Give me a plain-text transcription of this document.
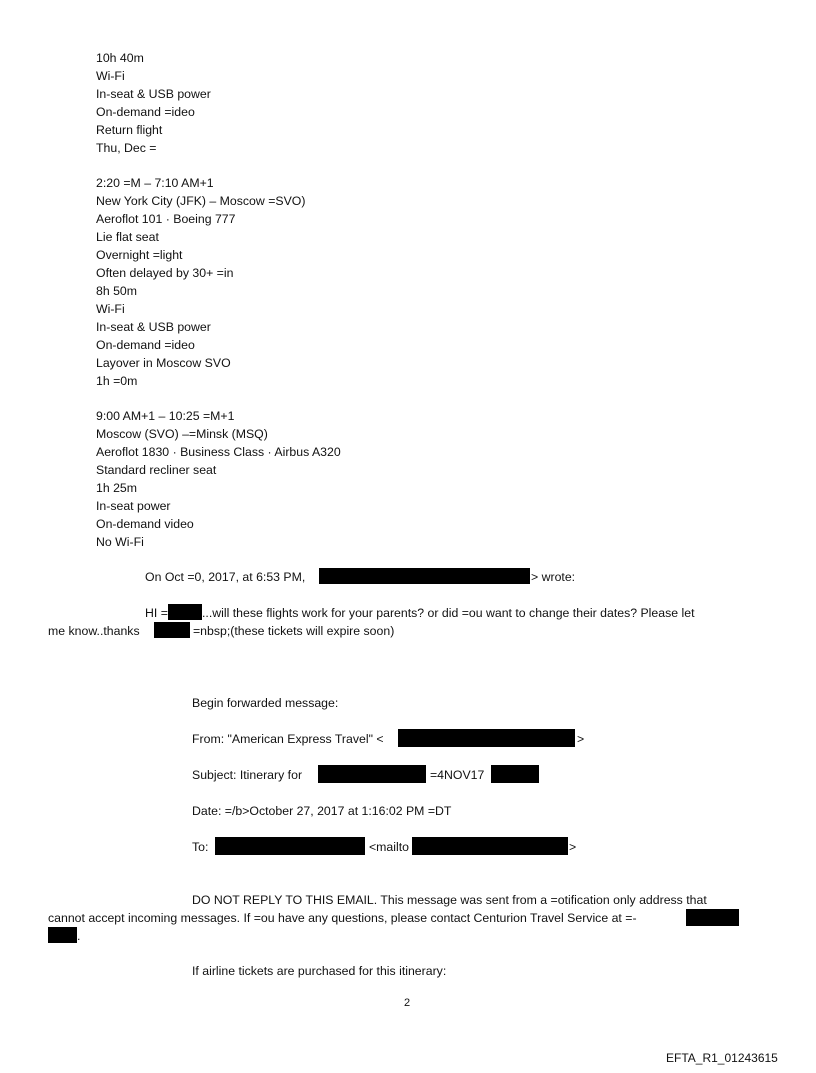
10h 40m
Wi-Fi
In-seat & USB power
On-demand =ideo
Return flight
Thu, Dec =
2:20 =M – 7:10 AM+1
New York City (JFK) – Moscow =SVO)
Aeroflot 101 · Boeing 777
Lie flat seat
Overnight =light
Often delayed by 30+ =in
8h 50m
Wi-Fi
In-seat & USB power
On-demand =ideo
Layover in Moscow SVO
1h =0m
9:00 AM+1 – 10:25 =M+1
Moscow (SVO) –=Minsk (MSQ)
Aeroflot 1830 · Business Class · Airbus A320
Standard recliner seat
1h 25m
In-seat power
On-demand video
No Wi-Fi
On Oct =0, 2017, at 6:53 PM,	> wrote:
HI =	...will these flights work for your parents? or did =ou want to change their dates? Please let
me know..thanks	=nbsp;(these tickets will expire soon)
Begin forwarded message:
From: "American Express Travel" <	>
Subject: Itinerary for	=4NOV17
Date: =/b>October 27, 2017 at 1:16:02 PM =DT
To:	<mailto	>
DO NOT REPLY TO THIS EMAIL. This message was sent from a =otification only address that
cannot accept incoming messages. If =ou have any questions, please contact Centurion Travel Service at =-
.
If airline tickets are purchased for this itinerary:
2
EFTA_R1_01243615
